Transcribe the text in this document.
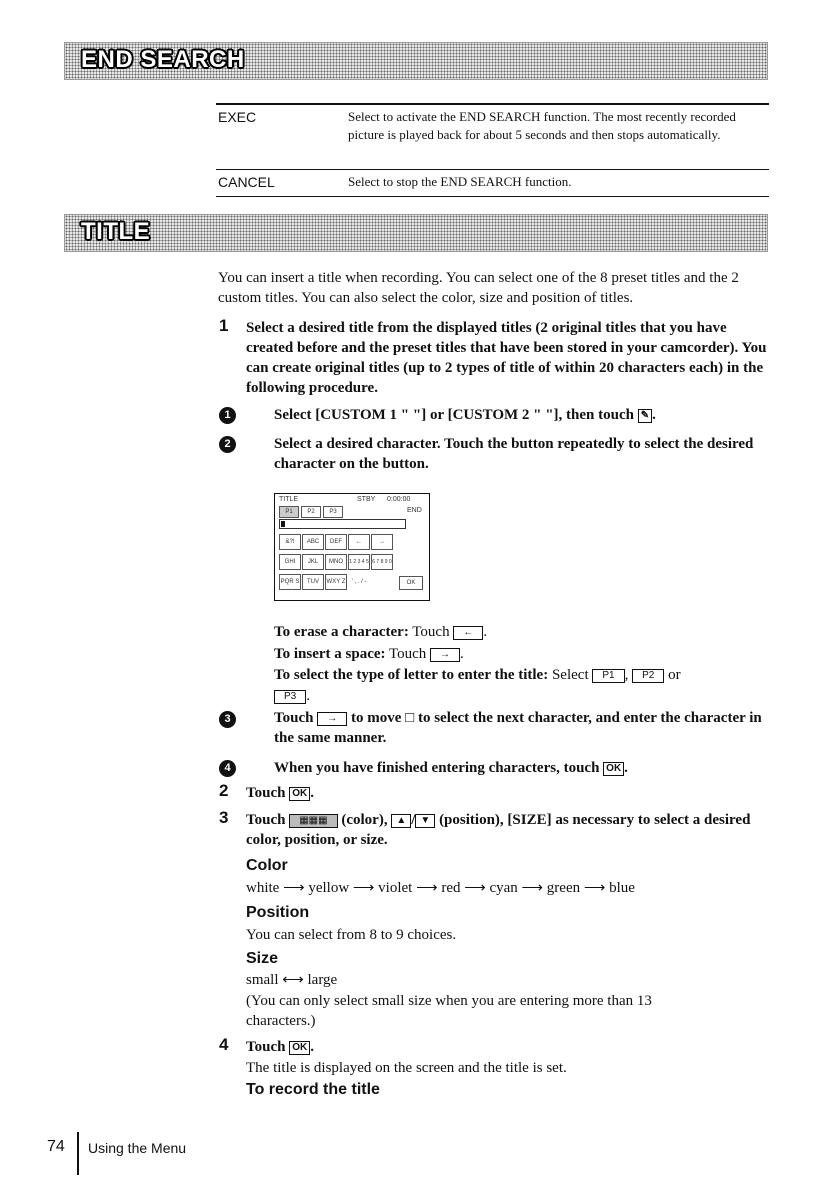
END SEARCH
EXEC	Select to activate the END SEARCH function. The most recently recorded picture is played back for about 5 seconds and then stops automatically.
CANCEL	Select to stop the END SEARCH function.
TITLE
You can insert a title when recording. You can select one of the 8 preset titles and the 2 custom titles. You can also select the color, size and position of titles.
1 Select a desired title from the displayed titles (2 original titles that you have created before and the preset titles that have been stored in your camcorder). You can create original titles (up to 2 types of title of within 20 characters each) in the following procedure.
1	Select [CUSTOM 1 " "] or [CUSTOM 2 " "], then touch ✎ .
2	Select a desired character. Touch the button repeatedly to select the desired character on the button.
TITLE	STBY 0:00:00
P1	P2	P3	END
&?!	ABC	DEF	←	→
GHI	JKL	MNO	1 2 3 4 5 6 7 8 9 0
PQR S	TUV	WXY Z	' , . / -	OK
To erase a character: Touch ← .
To insert a space: Touch → .
To select the type of letter to enter the title: Select P1 , P2 or
P3 .
3	Touch → to move □ to select the next character, and enter the character in the same manner.
4	When you have finished entering characters, touch OK .
2 Touch OK .
3 Touch ▦▦▦ (color), ▲ / ▼ (position), [SIZE] as necessary to select a desired color, position, or size.
Color
white ⟶ yellow ⟶ violet ⟶ red ⟶ cyan ⟶ green ⟶ blue
Position
You can select from 8 to 9 choices.
Size
small ⟷ large
(You can only select small size when you are entering more than 13 characters.)
4 Touch OK .
The title is displayed on the screen and the title is set.
To record the title
74 Using the Menu
